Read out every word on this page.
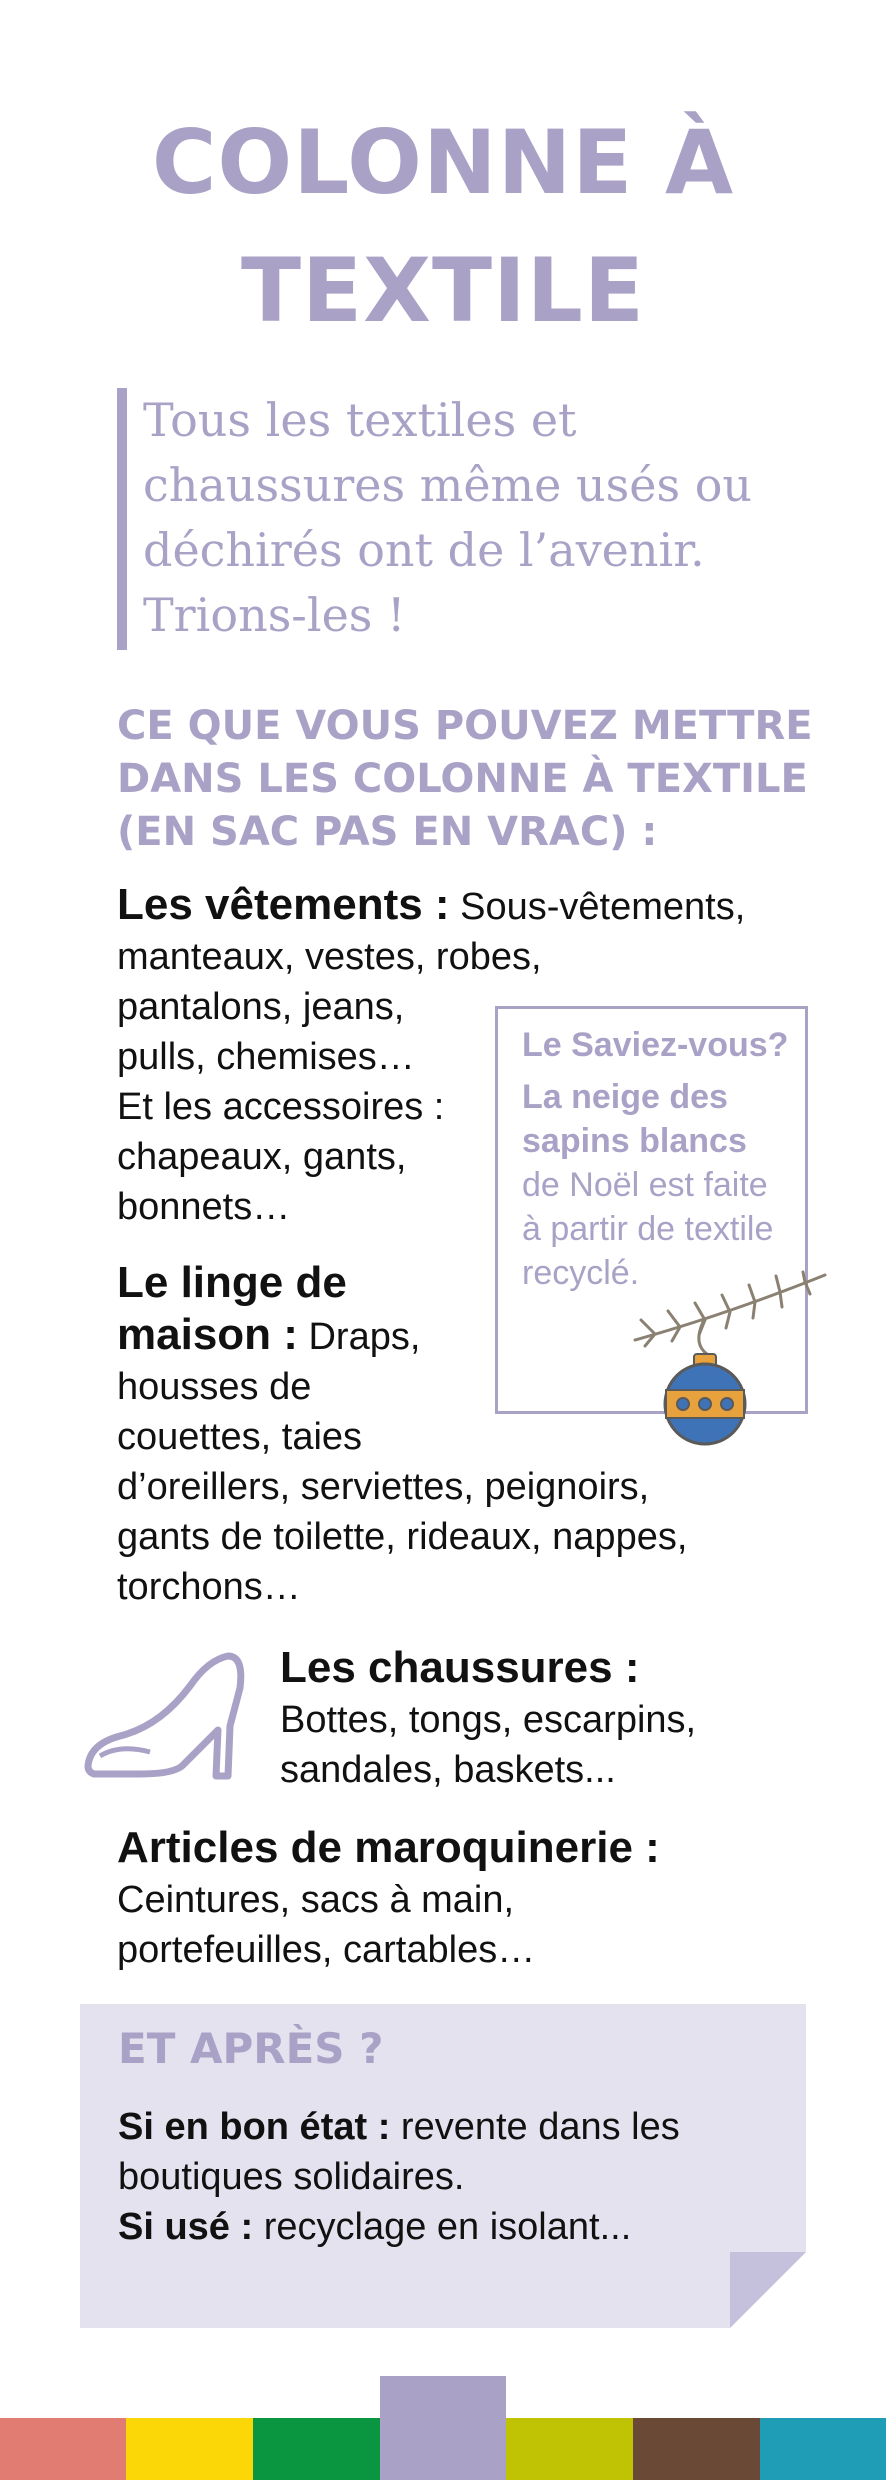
COLONNE À
TEXTILE
Tous les textiles et
chaussures même usés ou
déchirés ont de l’avenir.
Trions-les !
CE QUE VOUS POUVEZ METTRE
DANS LES COLONNE À TEXTILE
(EN SAC PAS EN VRAC) :
Les vêtements : Sous-vêtements,
manteaux, vestes, robes,
pantalons, jeans,
pulls, chemises…
Et les accessoires :
chapeaux, gants,
bonnets…
Le linge de
maison : Draps,
housses de
couettes, taies
d’oreillers, serviettes, peignoirs,
gants de toilette, rideaux, nappes,
torchons…
Le Saviez-vous?
La neige des
sapins blancs
de Noël est faite
à partir de textile
recyclé.
Les chaussures :
Bottes, tongs, escarpins,
sandales, baskets...
Articles de maroquinerie :
Ceintures, sacs à main,
portefeuilles, cartables…
ET APRÈS ?
Si en bon état : revente dans les
boutiques solidaires.
Si usé : recyclage en isolant...
